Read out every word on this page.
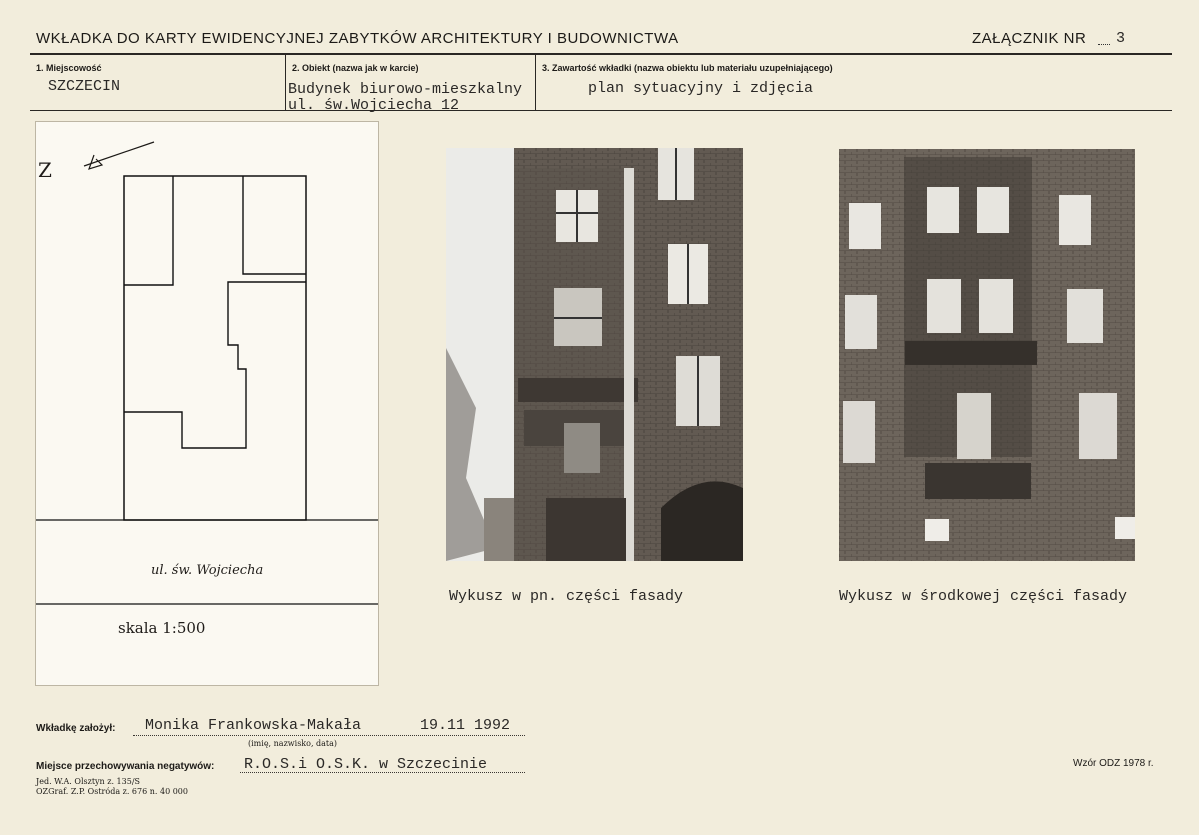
WKŁADKA DO KARTY EWIDENCYJNEJ ZABYTKÓW ARCHITEKTURY I BUDOWNICTWA	ZAŁĄCZNIK NR 3
1. Miejscowość
SZCZECIN
2. Obiekt (nazwa jak w karcie)
Budynek biurowo-mieszkalny
ul. św.Wojciecha 12
3. Zawartość wkładki (nazwa obiektu lub materiału uzupełniającego)
plan sytuacyjny i zdjęcia
Z
ul. św. Wojciecha
skala 1:500
Wykusz w pn. części fasady	Wykusz w środkowej części fasady
Wkładkę założył: Monika Frankowska-Makała	19.11 1992
(imię, nazwisko, data)
Miejsce przechowywania negatywów: R.O.S.i O.S.K. w Szczecinie
Jed. W.A. Olsztyn z. 135/S
OZGraf. Z.P. Ostróda z. 676 n. 40 000
Wzór ODZ 1978 r.
